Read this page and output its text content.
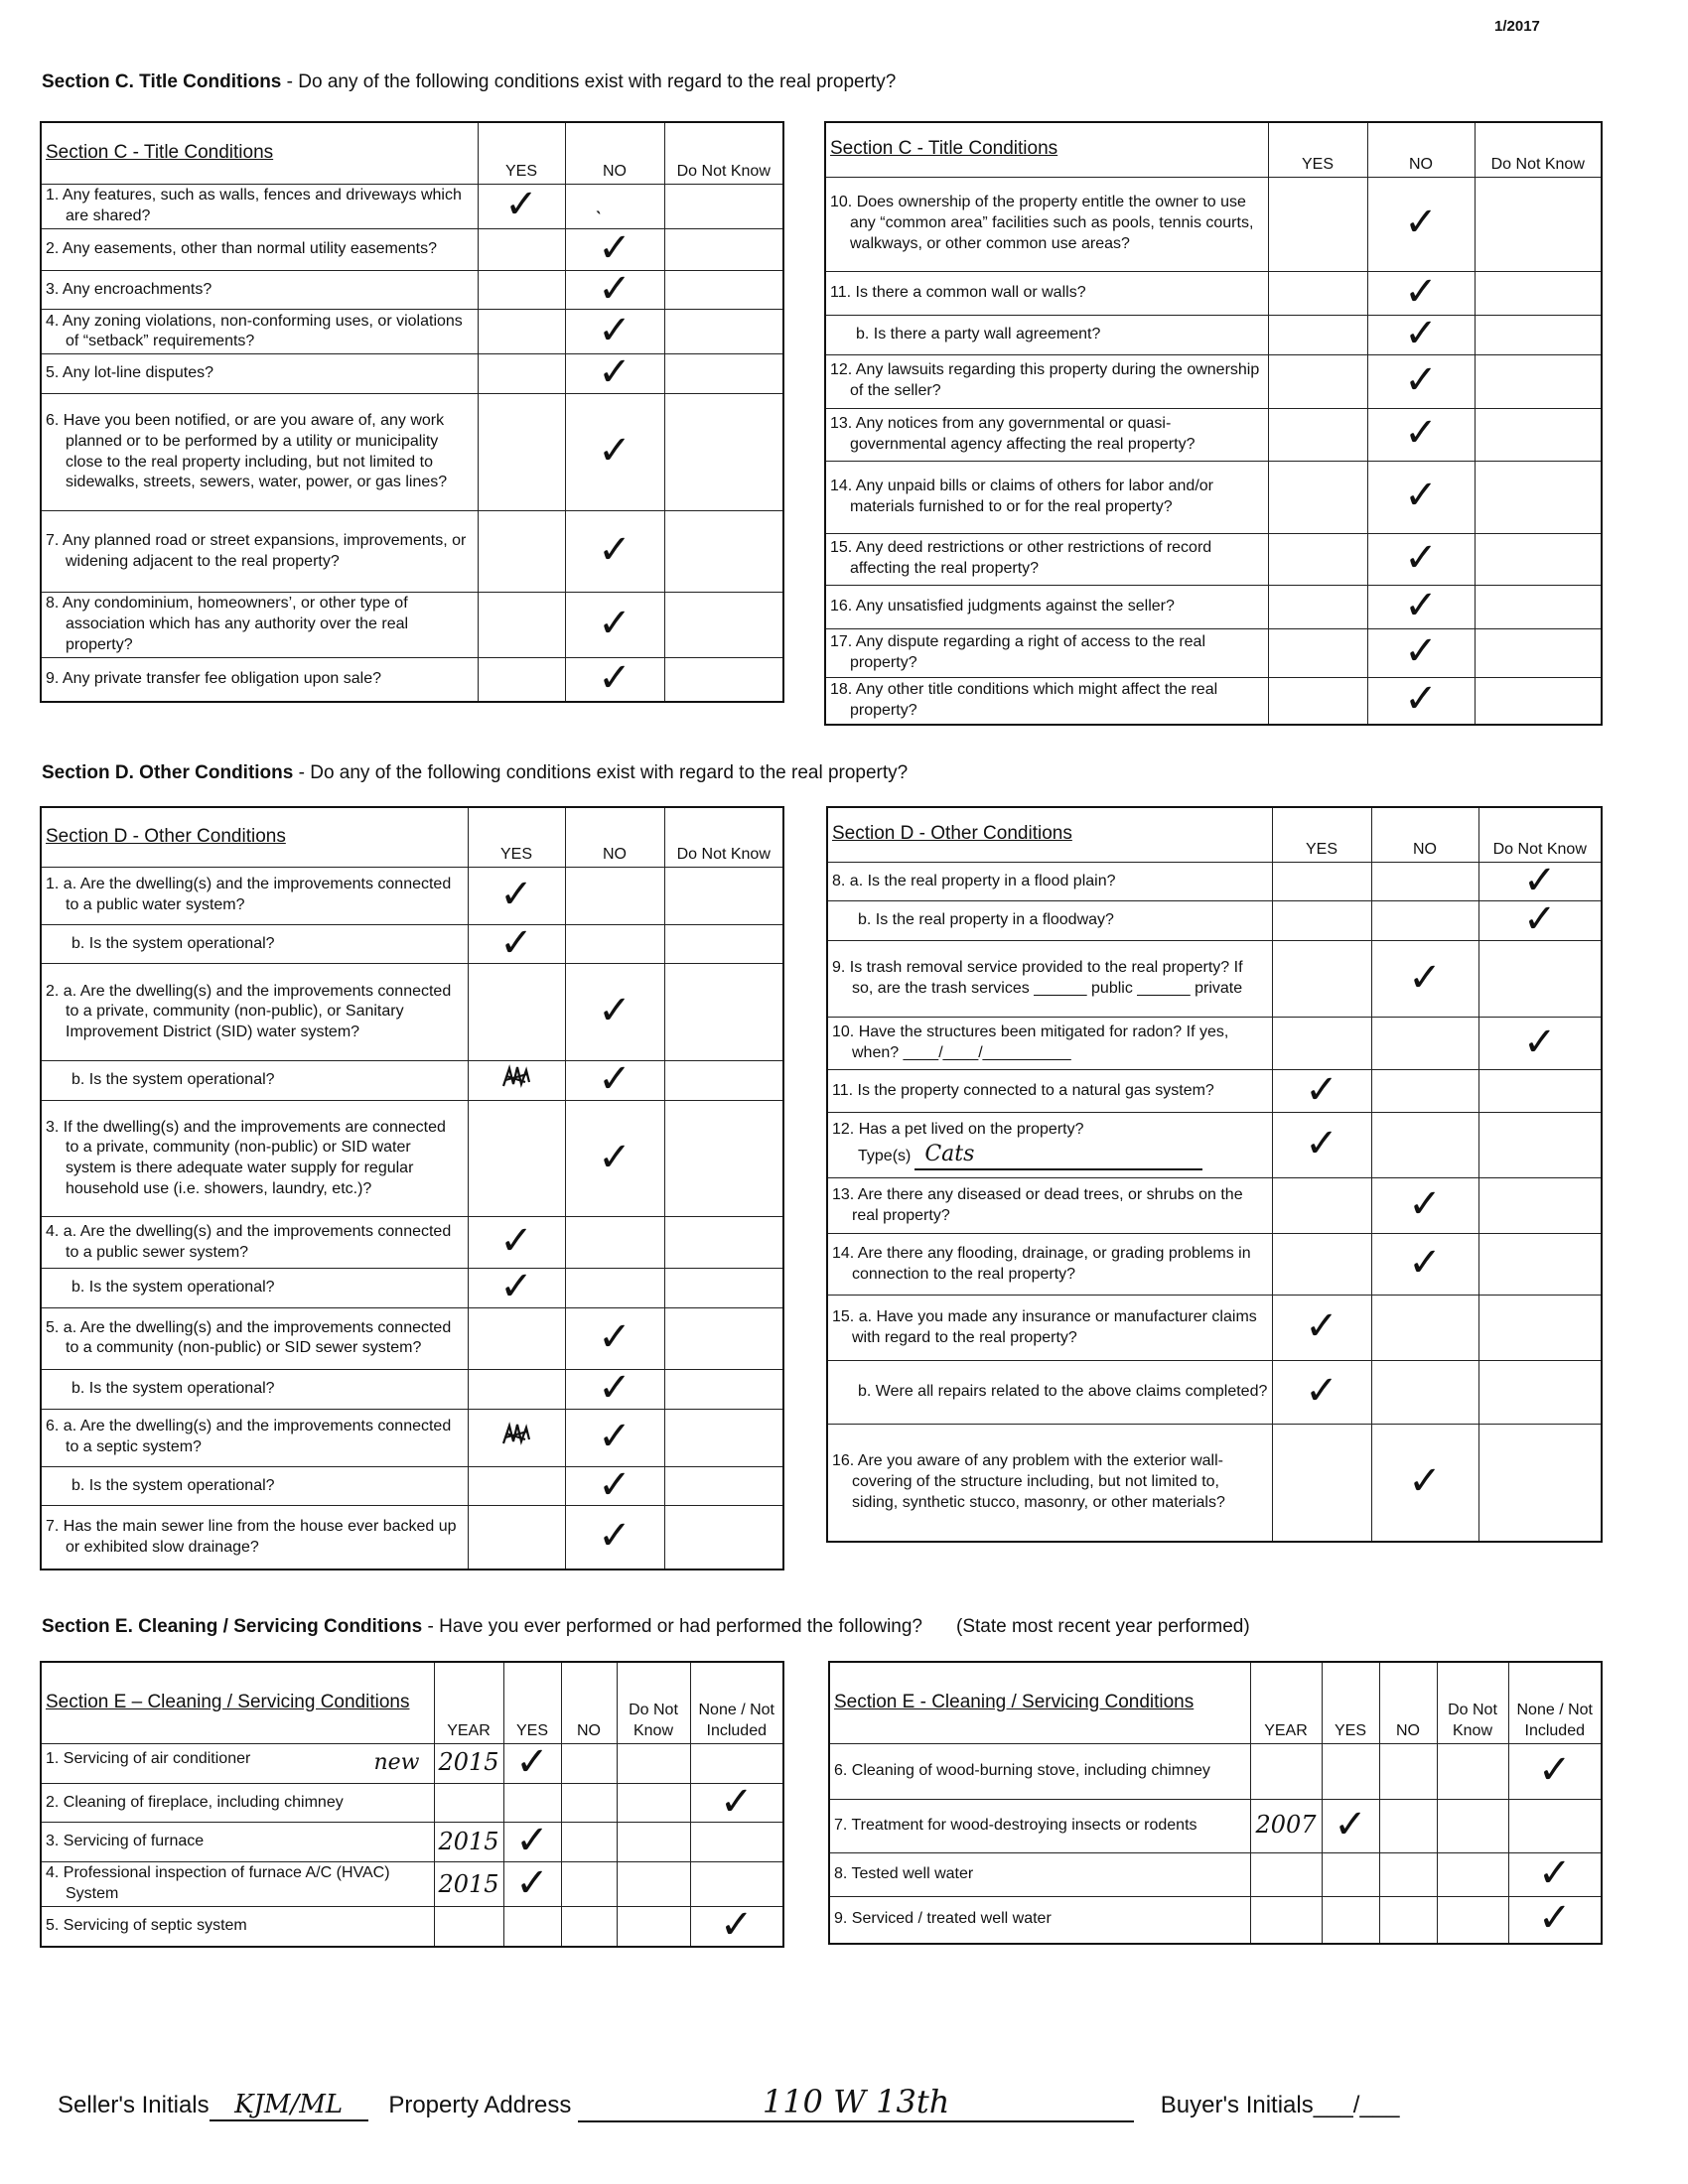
1/2017
Section C. Title Conditions - Do any of the following conditions exist with regard to the real property?
Section C - Title Conditions	YES	NO	Do Not Know

1. Any features, such as walls, fences and driveways which are shared?	✓	ˎ	

2. Any easements, other than normal utility easements?		✓	

3. Any encroachments?		✓	

4. Any zoning violations, non-conforming uses, or violations of “setback” requirements?		✓	

5. Any lot-line disputes?		✓	

6. Have you been notified, or are you aware of, any work planned or to be performed by a utility or municipality close to the real property including, but not limited to sidewalks, streets, sewers, water, power, or gas lines?		✓	

7. Any planned road or street expansions, improvements, or widening adjacent to the real property?		✓	

8. Any condominium, homeowners’, or other type of association which has any authority over the real property?		✓	

9. Any private transfer fee obligation upon sale?		✓	
Section C - Title Conditions	YES	NO	Do Not Know

10. Does ownership of the property entitle the owner to use any “common area” facilities such as pools, tennis courts, walkways, or other common use areas?		✓	

11. Is there a common wall or walls?		✓	

b. Is there a party wall agreement?		✓	

12. Any lawsuits regarding this property during the ownership of the seller?		✓	

13. Any notices from any governmental or quasi-governmental agency affecting the real property?		✓	

14. Any unpaid bills or claims of others for labor and/or materials furnished to or for the real property?		✓	

15. Any deed restrictions or other restrictions of record affecting the real property?		✓	

16. Any unsatisfied judgments against the seller?		✓	

17. Any dispute regarding a right of access to the real property?		✓	

18. Any other title conditions which might affect the real property?		✓	
Section D. Other Conditions - Do any of the following conditions exist with regard to the real property?
Section D - Other Conditions	YES	NO	Do Not Know

1. a. Are the dwelling(s) and the improvements connected to a public water system?	✓		

b. Is the system operational?	✓		

2. a. Are the dwelling(s) and the improvements connected to a private, community (non-public), or Sanitary Improvement District (SID) water system?		✓	

b. Is the system operational?		✓	

3. If the dwelling(s) and the improvements are connected to a private, community (non-public) or SID water system is there adequate water supply for regular household use (i.e. showers, laundry, etc.)?		✓	

4. a. Are the dwelling(s) and the improvements connected to a public sewer system?	✓		

b. Is the system operational?	✓		

5. a. Are the dwelling(s) and the improvements connected to a community (non-public) or SID sewer system?		✓	

b. Is the system operational?		✓	

6. a. Are the dwelling(s) and the improvements connected to a septic system?		✓	

b. Is the system operational?		✓	

7. Has the main sewer line from the house ever backed up or exhibited slow drainage?		✓	
Section D - Other Conditions	YES	NO	Do Not Know

8. a. Is the real property in a flood plain?			✓

b. Is the real property in a floodway?			✓

9. Is trash removal service provided to the real property? If so, are the trash services ______ public ______ private		✓	

10. Have the structures been mitigated for radon? If yes, when? ____/____/__________			✓

11. Is the property connected to a natural gas system?	✓		

12. Has a pet lived on the property?
Type(s) Cats	✓		

13. Are there any diseased or dead trees, or shrubs on the real property?		✓	

14. Are there any flooding, drainage, or grading problems in connection to the real property?		✓	

15. a. Have you made any insurance or manufacturer claims with regard to the real property?	✓		

b. Were all repairs related to the above claims completed?	✓		

16. Are you aware of any problem with the exterior wall-covering of the structure including, but not limited to, siding, synthetic stucco, masonry, or other materials?		✓	
Section E. Cleaning / Servicing Conditions - Have you ever performed or had performed the following? (State most recent year performed)
Section E – Cleaning / Servicing Conditions	YEAR	YES	NO	Do Not Know	None / Not Included

new
1. Servicing of air conditioner	2015	✓			

2. Cleaning of fireplace, including chimney					✓

3. Servicing of furnace	2015	✓			

4. Professional inspection of furnace A/C (HVAC) System	2015	✓			

5. Servicing of septic system					✓
Section E - Cleaning / Servicing Conditions	YEAR	YES	NO	Do Not Know	None / Not Included

6. Cleaning of wood-burning stove, including chimney					✓

7. Treatment for wood-destroying insects or rodents	2007	✓			

8. Tested well water					✓

9. Serviced / treated well water					✓
Seller's Initials KJM/ML Property Address	110 W 13th	Buyer's Initials___/___
